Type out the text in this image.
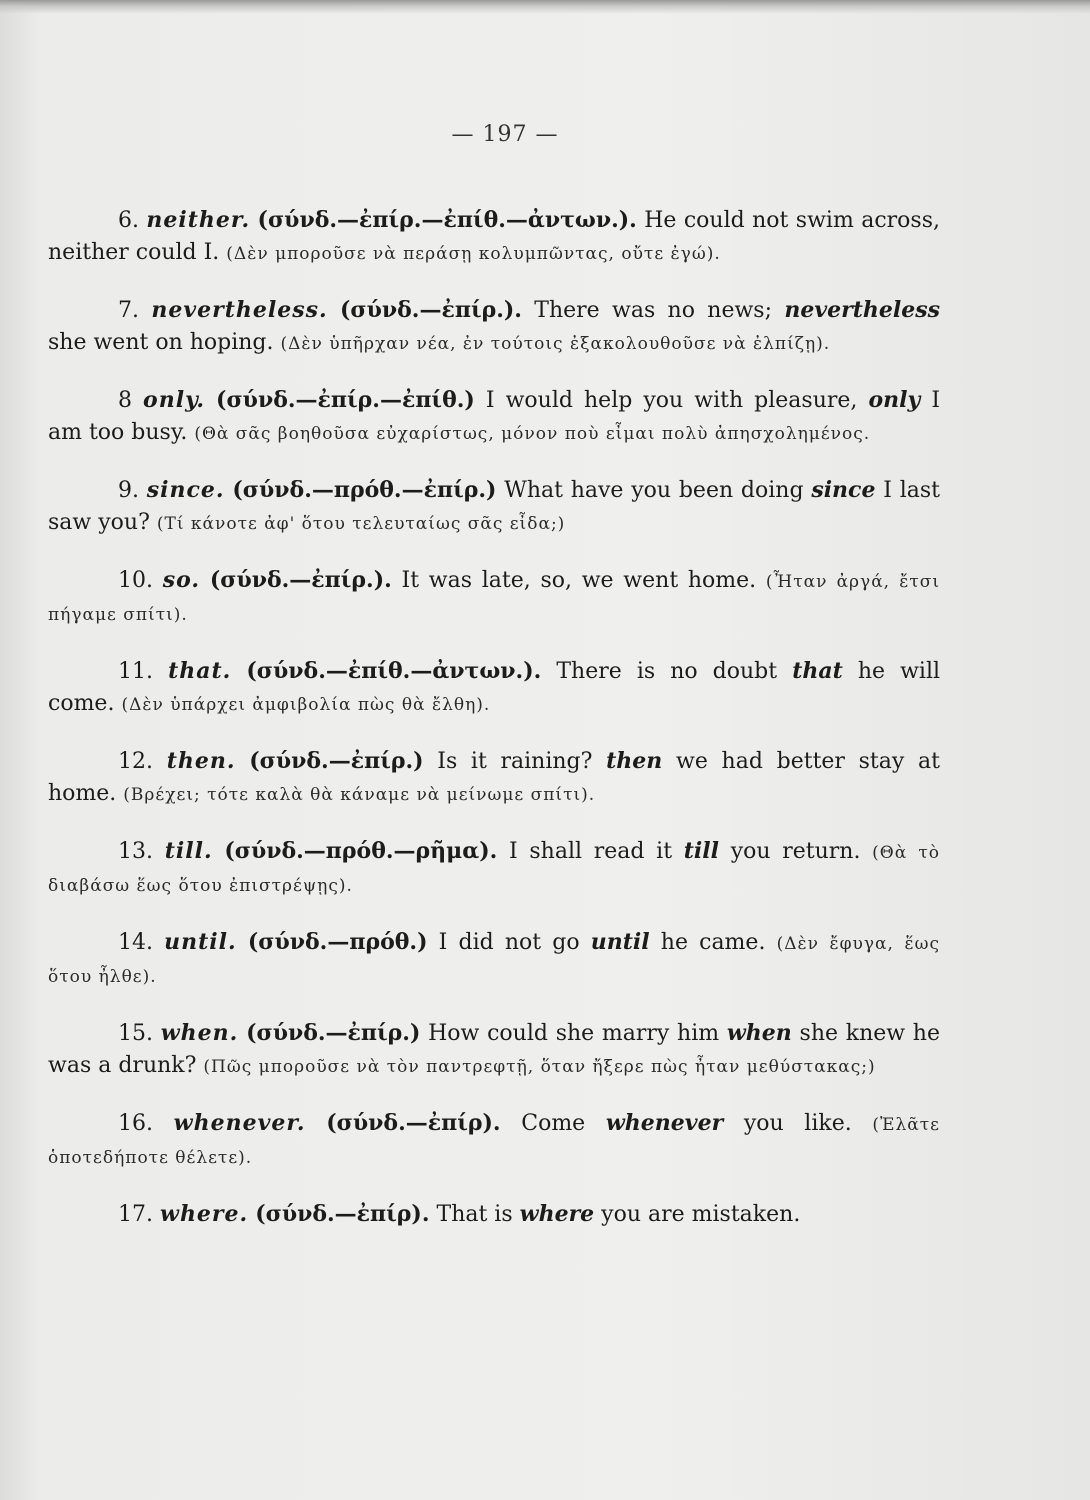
— 197 —

6. neither. (σύνδ.—ἐπίρ.—ἐπίθ.—ἀντων.). He could not swim across, neither could I. (Δὲν μποροῦσε νὰ περάσῃ κολυμπῶντας, οὔτε ἐγώ).

7. nevertheless. (σύνδ.—ἐπίρ.). There was no news; nevertheless she went on hoping. (Δὲν ὑπῆρχαν νέα, ἐν τούτοις ἐξακολουθοῦσε νὰ ἐλπίζῃ).

8 only. (σύνδ.—ἐπίρ.—ἐπίθ.) I would help you with pleasure, only I am too busy. (Θὰ σᾶς βοηθοῦσα εὐχαρίστως, μόνον ποὺ εἶμαι πολὺ ἀπησχολημένος.

9. since. (σύνδ.—πρόθ.—ἐπίρ.) What have you been doing since I last saw you? (Τί κάνοτε ἀφ' ὅτου τελευταίως σᾶς εἶδα;)

10. so. (σύνδ.—ἐπίρ.). It was late, so, we went home. (Ἦταν ἀργά, ἔτσι πήγαμε σπίτι).

11. that. (σύνδ.—ἐπίθ.—ἀντων.). There is no doubt that he will come. (Δὲν ὑπάρχει ἀμφιβολία πὼς θὰ ἔλθη).

12. then. (σύνδ.—ἐπίρ.) Is it raining? then we had better stay at home. (Βρέχει; τότε καλὰ θὰ κάναμε νὰ μείνωμε σπίτι).

13. till. (σύνδ.—πρόθ.—ρῆμα). I shall read it till you return. (Θὰ τὸ διαβάσω ἕως ὅτου ἐπιστρέψῃς).

14. until. (σύνδ.—πρόθ.) I did not go until he came. (Δὲν ἔφυγα, ἕως ὅτου ἦλθε).

15. when. (σύνδ.—ἐπίρ.) How could she marry him when she knew he was a drunk? (Πῶς μποροῦσε νὰ τὸν παντρεφτῇ, ὅταν ἤξερε πὼς ἦταν μεθύστακας;)

16. whenever. (σύνδ.—ἐπίρ). Come whenever you like. (Ἐλᾶτε ὁποτεδήποτε θέλετε).

17. where. (σύνδ.—ἐπίρ). That is where you are mistaken.
